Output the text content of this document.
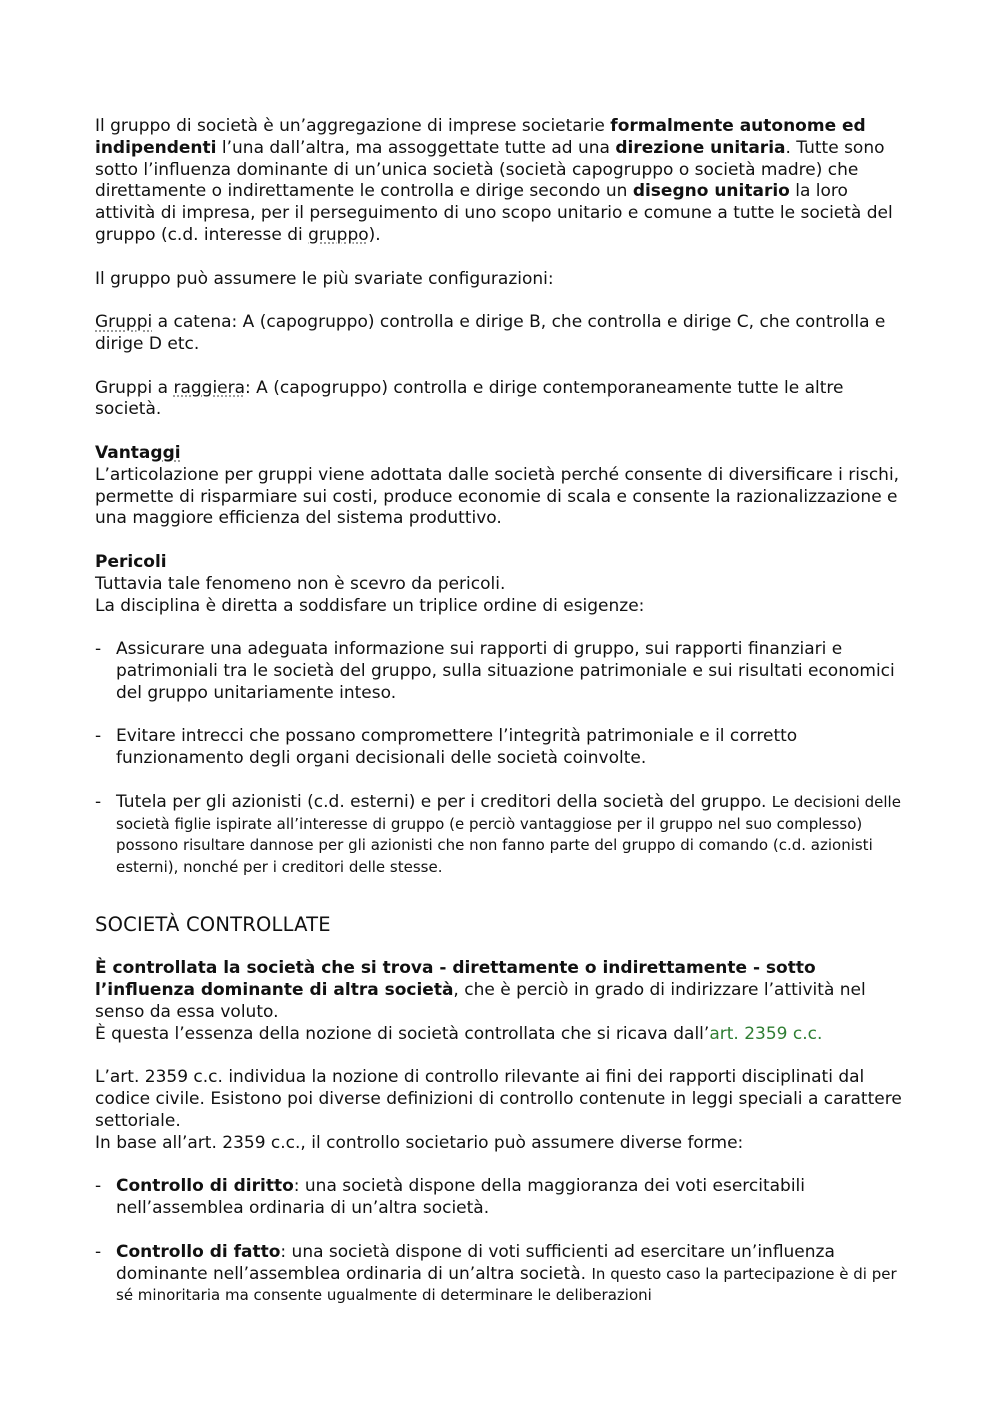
Il gruppo di società è un’aggregazione di imprese societarie formalmente autonome ed indipendenti l’una dall’altra, ma assoggettate tutte ad una direzione unitaria. Tutte sono sotto l’influenza dominante di un’unica società (società capogruppo o società madre) che direttamente o indirettamente le controlla e dirige secondo un disegno unitario la loro attività di impresa, per il perseguimento di uno scopo unitario e comune a tutte le società del gruppo (c.d. interesse di gruppo).

Il gruppo può assumere le più svariate configurazioni:

Gruppi a catena: A (capogruppo) controlla e dirige B, che controlla e dirige C, che controlla e dirige D etc.

Gruppi a raggiera: A (capogruppo) controlla e dirige contemporaneamente tutte le altre società.

Vantaggi

L’articolazione per gruppi viene adottata dalle società perché consente di diversificare i rischi, permette di risparmiare sui costi, produce economie di scala e consente la razionalizzazione e una maggiore efficienza del sistema produttivo.

Pericoli

Tuttavia tale fenomeno non è scevro da pericoli.

La disciplina è diretta a soddisfare un triplice ordine di esigenze:

- Assicurare una adeguata informazione sui rapporti di gruppo, sui rapporti finanziari e patrimoniali tra le società del gruppo, sulla situazione patrimoniale e sui risultati economici del gruppo unitariamente inteso.
- Evitare intrecci che possano compromettere l’integrità patrimoniale e il corretto funzionamento degli organi decisionali delle società coinvolte.
- Tutela per gli azionisti (c.d. esterni) e per i creditori della società del gruppo. Le decisioni delle società figlie ispirate all’interesse di gruppo (e perciò vantaggiose per il gruppo nel suo complesso) possono risultare dannose per gli azionisti che non fanno parte del gruppo di comando (c.d. azionisti esterni), nonché per i creditori delle stesse.

SOCIETÀ CONTROLLATE

È controllata la società che si trova - direttamente o indirettamente - sotto l’influenza dominante di altra società, che è perciò in grado di indirizzare l’attività nel senso da essa voluto.

È questa l’essenza della nozione di società controllata che si ricava dall’art. 2359 c.c.

L’art. 2359 c.c. individua la nozione di controllo rilevante ai fini dei rapporti disciplinati dal codice civile. Esistono poi diverse definizioni di controllo contenute in leggi speciali a carattere settoriale.

In base all’art. 2359 c.c., il controllo societario può assumere diverse forme:

- Controllo di diritto: una società dispone della maggioranza dei voti esercitabili nell’assemblea ordinaria di un’altra società.
- Controllo di fatto: una società dispone di voti sufficienti ad esercitare un’influenza dominante nell’assemblea ordinaria di un’altra società. In questo caso la partecipazione è di per sé minoritaria ma consente ugualmente di determinare le deliberazioni
